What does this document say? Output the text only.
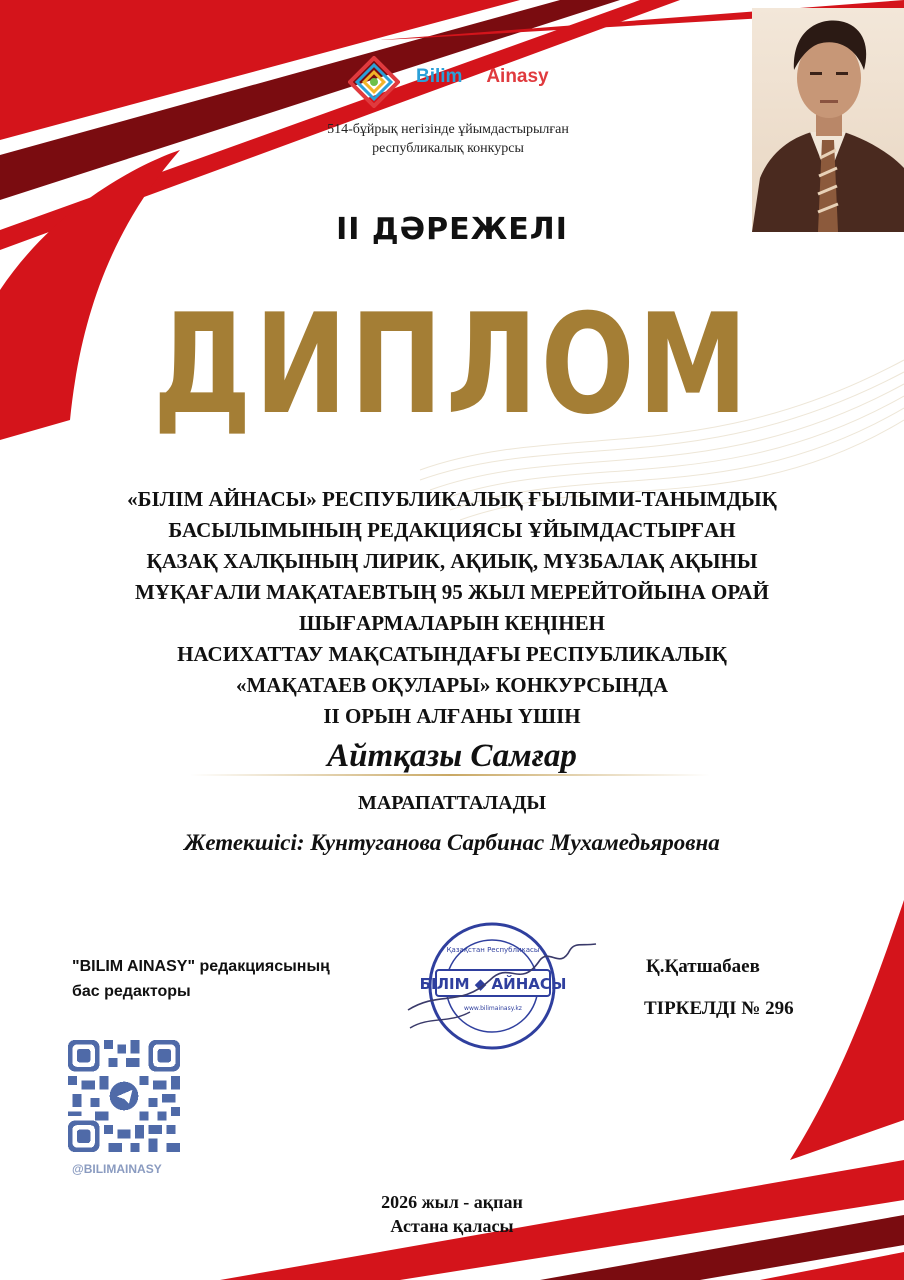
Bilim Ainasy
514-бұйрық негізінде ұйымдастырылған
республикалық конкурсы
ІІ ДӘРЕЖЕЛІ
ДИПЛОМ
«БІЛІМ АЙНАСЫ» РЕСПУБЛИКАЛЫҚ ҒЫЛЫМИ-ТАНЫМДЫҚ
БАСЫЛЫМЫНЫҢ РЕДАКЦИЯСЫ ҰЙЫМДАСТЫРҒАН
ҚАЗАҚ ХАЛҚЫНЫҢ ЛИРИК, АҚИЫҚ, МҰЗБАЛАҚ АҚЫНЫ
МҰҚАҒАЛИ МАҚАТАЕВТЫҢ 95 ЖЫЛ МЕРЕЙТОЙЫНА ОРАЙ
ШЫҒАРМАЛАРЫН КЕҢІНЕН
НАСИХАТТАУ МАҚСАТЫНДАҒЫ РЕСПУБЛИКАЛЫҚ
«МАҚАТАЕВ ОҚУЛАРЫ» КОНКУРСЫНДА
ІІ ОРЫН АЛҒАНЫ ҮШІН
Айтқазы Самғар
МАРАПАТТАЛАДЫ
Жетекшісі: Кунтуганова Сарбинас Мухамедьяровна
"BILIM AINASY" редакциясының
бас редакторы	БІЛІМ ◆ АЙНАСЫ
www.bilimainasy.kz
Қазақстан Республикасы
Қ.Қатшабаев
ТІРКЕЛДІ № 296
@BILIMAINASY
2026 жыл - ақпан
Астана қаласы
